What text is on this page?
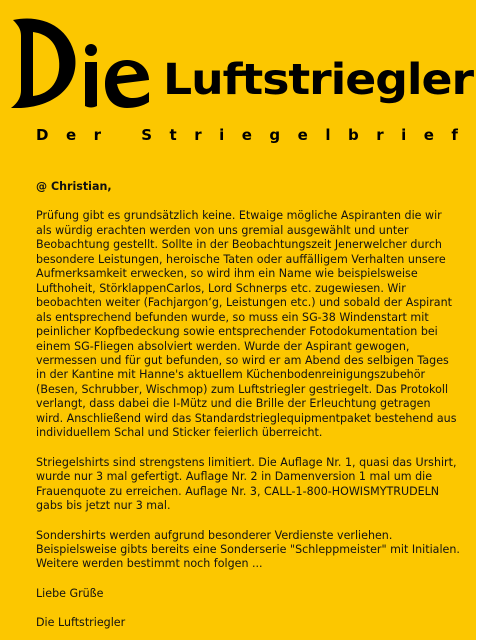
Luftstriegler
Der Striegelbrief
@ Christian,
Prüfung gibt es grundsätzlich keine. Etwaige mögliche Aspiranten die wir als würdig erachten werden von uns gremial ausgewählt und unter Beobachtung gestellt. Sollte in der Beobachtungszeit Jenerwelcher durch besondere Leistungen, heroische Taten oder auffälligem Verhalten unsere Aufmerksamkeit erwecken, so wird ihm ein Name wie beispielsweise Lufthoheit, StörklappenCarlos, Lord Schnerps etc. zugewiesen. Wir beobachten weiter (Fachjargon‘g, Leistungen etc.) und sobald der Aspirant als entsprechend befunden wurde, so muss ein SG-38 Windenstart mit peinlicher Kopfbedeckung sowie entsprechender Fotodokumentation bei einem SG-Fliegen absolviert werden. Wurde der Aspirant gewogen, vermessen und für gut befunden, so wird er am Abend des selbigen Tages in der Kantine mit Hanne's aktuellem Küchenbodenreinigungszubehör (Besen, Schrubber, Wischmop) zum Luftstriegler gestriegelt. Das Protokoll verlangt, dass dabei die I-Mütz und die Brille der Erleuchtung getragen wird. Anschließend wird das Standardstrieglequipmentpaket bestehend aus individuellem Schal und Sticker feierlich überreicht.
Striegelshirts sind strengstens limitiert. Die Auflage Nr. 1, quasi das Urshirt, wurde nur 3 mal gefertigt. Auflage Nr. 2 in Damenversion 1 mal um die Frauenquote zu erreichen. Auflage Nr. 3, CALL-1-800-HOWISMYTRUDELN gabs bis jetzt nur 3 mal.
Sondershirts werden aufgrund besonderer Verdienste verliehen. Beispielsweise gibts bereits eine Sonderserie "Schleppmeister" mit Initialen. Weitere werden bestimmt noch folgen ...
Liebe Grüße
Die Luftstriegler
